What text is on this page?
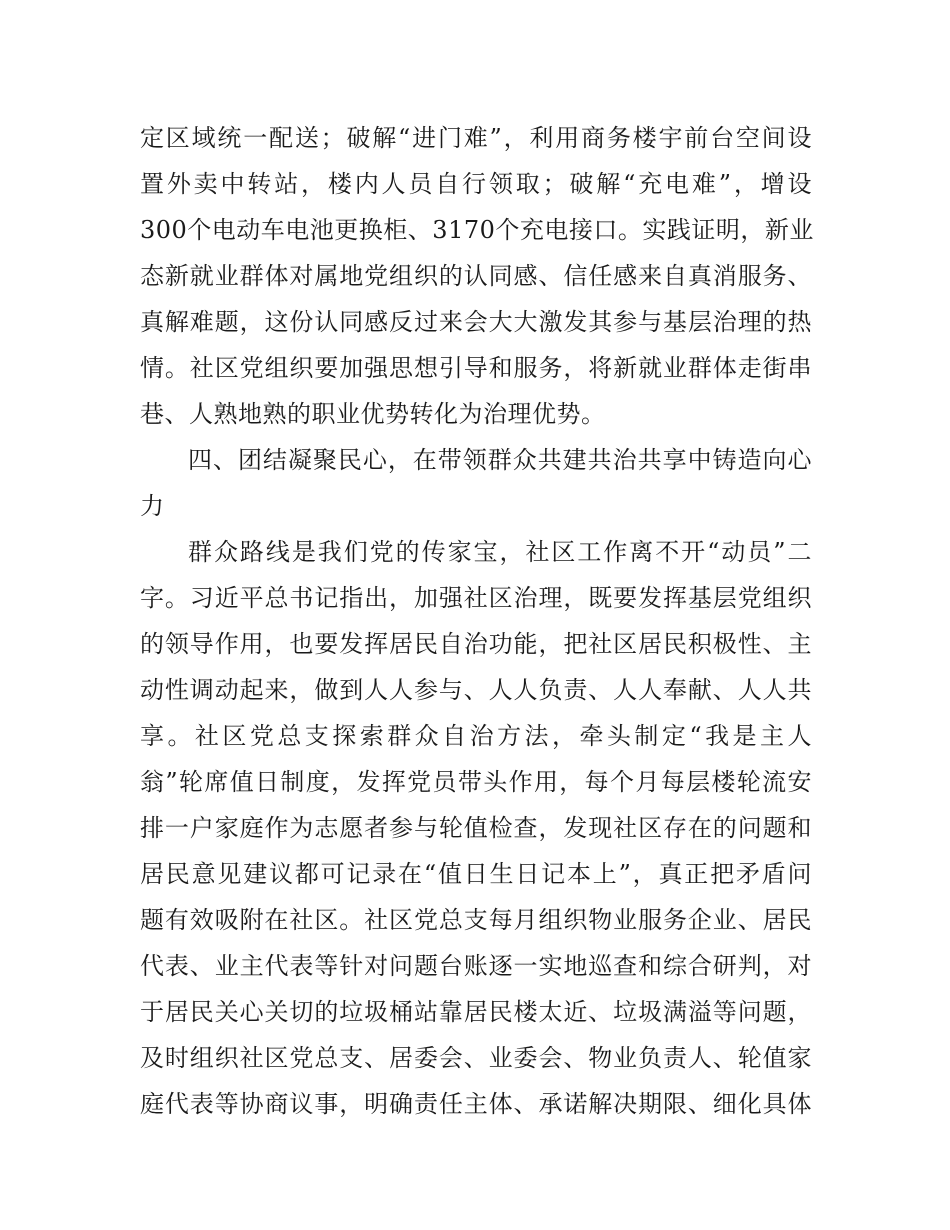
定区域统一配送；破解“进门难”，利用商务楼宇前台空间设
置外卖中转站，楼内人员自行领取；破解“充电难”，增设
300个电动车电池更换柜、3170个充电接口。实践证明，新业
态新就业群体对属地党组织的认同感、信任感来自真消服务、
真解难题，这份认同感反过来会大大激发其参与基层治理的热
情。社区党组织要加强思想引导和服务，将新就业群体走街串
巷、人熟地熟的职业优势转化为治理优势。
四、团结凝聚民心，在带领群众共建共治共享中铸造向心
力
群众路线是我们党的传家宝，社区工作离不开“动员”二
字。习近平总书记指出，加强社区治理，既要发挥基层党组织
的领导作用，也要发挥居民自治功能，把社区居民积极性、主
动性调动起来，做到人人参与、人人负责、人人奉献、人人共
享。社区党总支探索群众自治方法，牵头制定“我是主人
翁”轮席值日制度，发挥党员带头作用，每个月每层楼轮流安
排一户家庭作为志愿者参与轮值检查，发现社区存在的问题和
居民意见建议都可记录在“值日生日记本上”，真正把矛盾问
题有效吸附在社区。社区党总支每月组织物业服务企业、居民
代表、业主代表等针对问题台账逐一实地巡查和综合研判，对
于居民关心关切的垃圾桶站靠居民楼太近、垃圾满溢等问题，
及时组织社区党总支、居委会、业委会、物业负责人、轮值家
庭代表等协商议事，明确责任主体、承诺解决期限、细化具体
